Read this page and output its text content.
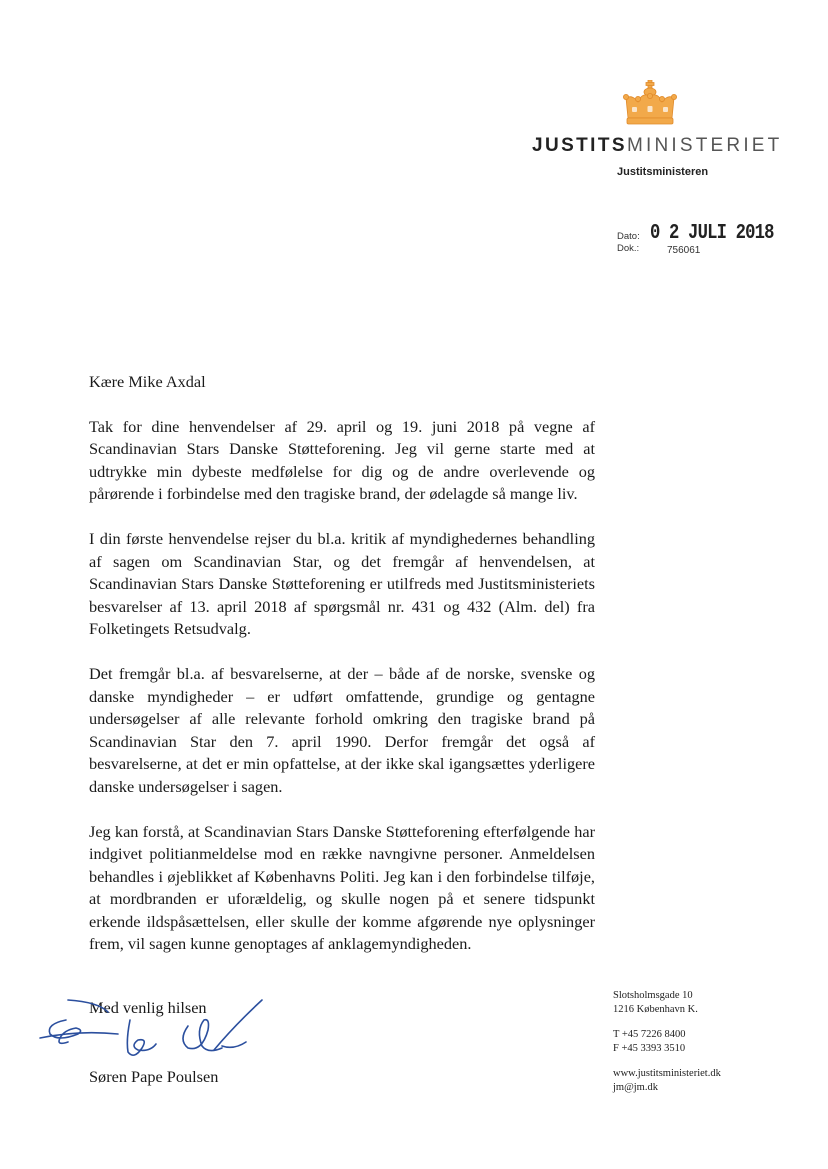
JUSTITSMINISTERIET
Justitsministeren
Dato: 0 2 JULI 2018
Dok.:	756061

Kære Mike Axdal

Tak for dine henvendelser af 29. april og 19. juni 2018 på vegne af Scandinavian Stars Danske Støtteforening. Jeg vil gerne starte med at udtrykke min dybeste medfølelse for dig og de andre overlevende og pårørende i forbindelse med den tragiske brand, der ødelagde så mange liv.

I din første henvendelse rejser du bl.a. kritik af myndighedernes behandling af sagen om Scandinavian Star, og det fremgår af henvendelsen, at Scandinavian Stars Danske Støtteforening er utilfreds med Justitsministeriets besvarelser af 13. april 2018 af spørgsmål nr. 431 og 432 (Alm. del) fra Folketingets Retsudvalg.

Det fremgår bl.a. af besvarelserne, at der – både af de norske, svenske og danske myndigheder – er udført omfattende, grundige og gentagne undersøgelser af alle relevante forhold omkring den tragiske brand på Scandinavian Star den 7. april 1990. Derfor fremgår det også af besvarelserne, at det er min opfattelse, at der ikke skal igangsættes yderligere danske undersøgelser i sagen.

Jeg kan forstå, at Scandinavian Stars Danske Støtteforening efterfølgende har indgivet politianmeldelse mod en række navngivne personer. Anmeldelsen behandles i øjeblikket af Københavns Politi. Jeg kan i den forbindelse tilføje, at mordbranden er uforældelig, og skulle nogen på et senere tidspunkt erkende ildspåsættelsen, eller skulle der komme afgørende nye oplysninger frem, vil sagen kunne genoptages af anklagemyndigheden.

Med venlig hilsen
Søren Pape Poulsen
Slotsholmsgade 10
1216 København K.
T +45 7226 8400
F +45 3393 3510
www.justitsministeriet.dk
jm@jm.dk
